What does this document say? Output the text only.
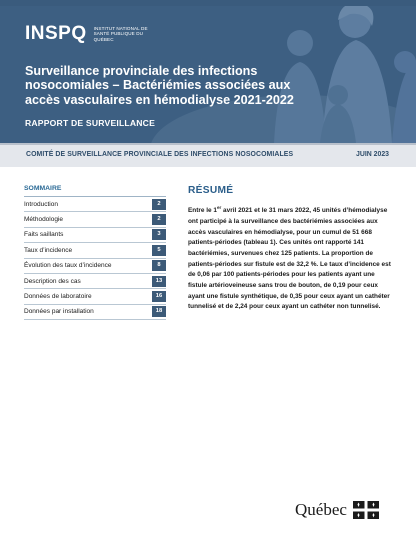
INSPQ INSTITUT NATIONAL DE SANTÉ PUBLIQUE DU QUÉBEC
Surveillance provinciale des infections nosocomiales – Bactériémies associées aux accès vasculaires en hémodialyse 2021-2022
RAPPORT DE SURVEILLANCE
COMITÉ DE SURVEILLANCE PROVINCIALE DES INFECTIONS NOSOCOMIALES	JUIN 2023
SOMMAIRE
Introduction	2
Méthodologie	2
Faits saillants	3
Taux d’incidence	5
Évolution des taux d’incidence	8
Description des cas	13
Données de laboratoire	16
Données par installation	18
RÉSUMÉ

Entre le 1er avril 2021 et le 31 mars 2022, 45 unités d’hémodialyse ont participé à la surveillance des bactériémies associées aux accès vasculaires en hémodialyse, pour un cumul de 51 668 patients-périodes (tableau 1). Ces unités ont rapporté 141 bactériémies, survenues chez 125 patients. La proportion de patients-périodes sur fistule est de 32,2 %. Le taux d’incidence est de 0,06 par 100 patients-périodes pour les patients ayant une fistule artérioveineuse sans trou de bouton, de 0,19 pour ceux ayant une fistule synthétique, de 0,35 pour ceux ayant un cathéter tunnelisé et de 2,24 pour ceux ayant un cathéter non tunnelisé.

Québec
